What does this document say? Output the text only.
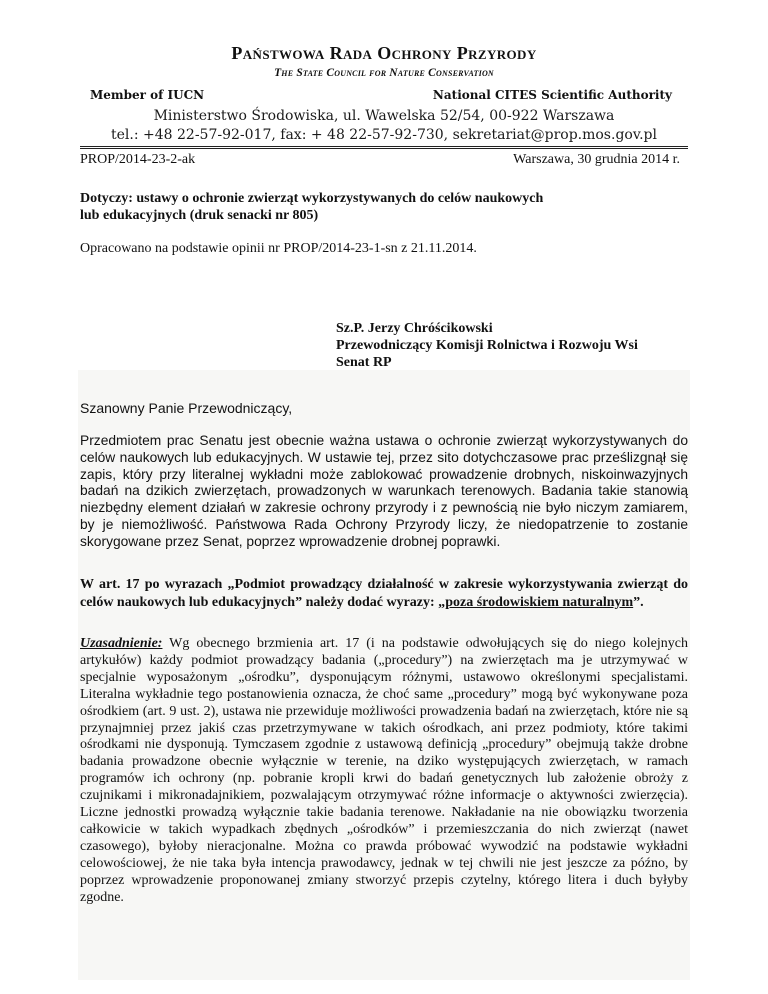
Państwowa Rada Ochrony Przyrody
The State Council for Nature Conservation
Member of IUCN	National CITES Scientific Authority
Ministerstwo Środowiska, ul. Wawelska 52/54, 00-922 Warszawa
tel.: +48 22-57-92-017, fax: + 48 22-57-92-730, sekretariat@prop.mos.gov.pl
PROP/2014-23-2-ak	Warszawa, 30 grudnia 2014 r.
Dotyczy: ustawy o ochronie zwierząt wykorzystywanych do celów naukowych
lub edukacyjnych (druk senacki nr 805)
Opracowano na podstawie opinii nr PROP/2014-23-1-sn z 21.11.2014.
Sz.P. Jerzy Chróścikowski
Przewodniczący Komisji Rolnictwa i Rozwoju Wsi
Senat RP
Szanowny Panie Przewodniczący,

Przedmiotem prac Senatu jest obecnie ważna ustawa o ochronie zwierząt wykorzystywanych do celów naukowych lub edukacyjnych. W ustawie tej, przez sito dotychczasowe prac prześlizgnął się zapis, który przy literalnej wykładni może zablokować prowadzenie drobnych, niskoinwazyjnych badań na dzikich zwierzętach, prowadzonych w warunkach terenowych. Badania takie stanowią niezbędny element działań w zakresie ochrony przyrody i z pewnością nie było niczym zamiarem, by je niemożliwość. Państwowa Rada Ochrony Przyrody liczy, że niedopatrzenie to zostanie skorygowane przez Senat, poprzez wprowadzenie drobnej poprawki.

W art. 17 po wyrazach „Podmiot prowadzący działalność w zakresie wykorzystywania zwierząt do celów naukowych lub edukacyjnych” należy dodać wyrazy: „poza środowiskiem naturalnym”.

Uzasadnienie: Wg obecnego brzmienia art. 17 (i na podstawie odwołujących się do niego kolejnych artykułów) każdy podmiot prowadzący badania („procedury”) na zwierzętach ma je utrzymywać w specjalnie wyposażonym „ośrodku”, dysponującym różnymi, ustawowo określonymi specjalistami. Literalna wykładnie tego postanowienia oznacza, że choć same „procedury” mogą być wykonywane poza ośrodkiem (art. 9 ust. 2), ustawa nie przewiduje możliwości prowadzenia badań na zwierzętach, które nie są przynajmniej przez jakiś czas przetrzymywane w takich ośrodkach, ani przez podmioty, które takimi ośrodkami nie dysponują. Tymczasem zgodnie z ustawową definicją „procedury” obejmują także drobne badania prowadzone obecnie wyłącznie w terenie, na dziko występujących zwierzętach, w ramach programów ich ochrony (np. pobranie kropli krwi do badań genetycznych lub założenie obroży z czujnikami i mikronadajnikiem, pozwalającym otrzymywać różne informacje o aktywności zwierzęcia). Liczne jednostki prowadzą wyłącznie takie badania terenowe. Nakładanie na nie obowiązku tworzenia całkowicie w takich wypadkach zbędnych „ośrodków” i przemieszczania do nich zwierząt (nawet czasowego), byłoby nieracjonalne. Można co prawda próbować wywodzić na podstawie wykładni celowościowej, że nie taka była intencja prawodawcy, jednak w tej chwili nie jest jeszcze za późno, by poprzez wprowadzenie proponowanej zmiany stworzyć przepis czytelny, którego litera i duch byłyby zgodne.
